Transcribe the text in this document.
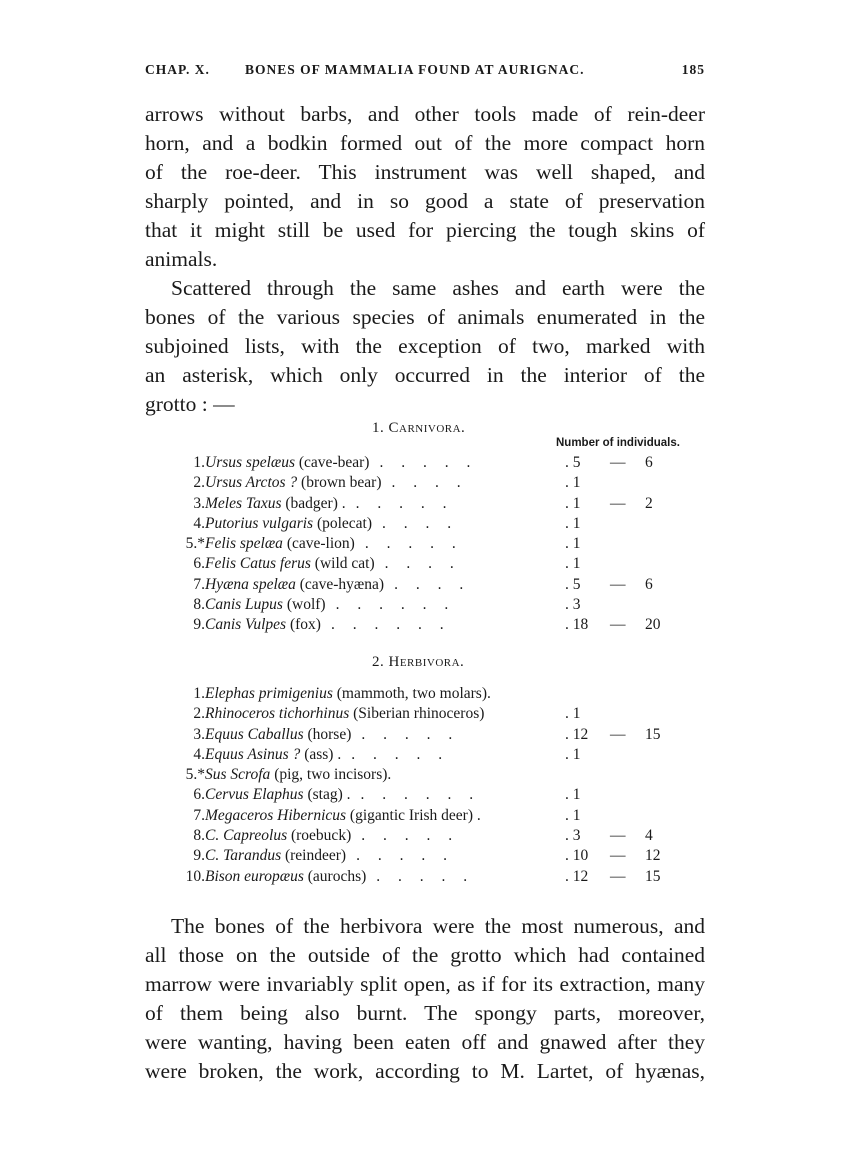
CHAP. X.	BONES OF MAMMALIA FOUND AT AURIGNAC.	185
arrows without barbs, and other tools made of rein-deer
horn, and a bodkin formed out of the more compact horn
of the roe-deer. This instrument was well shaped, and
sharply pointed, and in so good a state of preservation
that it might still be used for piercing the tough skins of
animals.
Scattered through the same ashes and earth were the
bones of the various species of animals enumerated in the
subjoined lists, with the exception of two, marked with
an asterisk, which only occurred in the interior of the
grotto : —
1. Carnivora.
Number of individuals.
1. Ursus spelæus (cave-bear) . . . . .	. 5 — 6
2. Ursus Arctos ? (brown bear) . . . .	. 1
3. Meles Taxus (badger) . . . . . .	. 1 — 2
4. Putorius vulgaris (polecat) . . . .	. 1
5.* Felis spelæa (cave-lion) . . . . .	. 1
6. Felis Catus ferus (wild cat) . . . .	. 1
7. Hyæna spelæa (cave-hyæna) . . . .	. 5 — 6
8. Canis Lupus (wolf) . . . . . .	. 3
9. Canis Vulpes (fox) . . . . . .	. 18 — 20
2. Herbivora.
1. Elephas primigenius (mammoth, two molars).
2. Rhinoceros tichorhinus (Siberian rhinoceros)	. 1
3. Equus Caballus (horse) . . . . .	. 12 — 15
4. Equus Asinus ? (ass) . . . . . .	. 1
5.* Sus Scrofa (pig, two incisors).
6. Cervus Elaphus (stag) . . . . . . .	. 1
7. Megaceros Hibernicus (gigantic Irish deer) .	. 1
8. C. Capreolus (roebuck) . . . . .	. 3 — 4
9. C. Tarandus (reindeer) . . . . .	. 10 — 12
10. Bison europæus (aurochs) . . . . .	. 12 — 15
The bones of the herbivora were the most numerous, and
all those on the outside of the grotto which had contained
marrow were invariably split open, as if for its extraction, many
of them being also burnt. The spongy parts, moreover,
were wanting, having been eaten off and gnawed after they
were broken, the work, according to M. Lartet, of hyænas,
